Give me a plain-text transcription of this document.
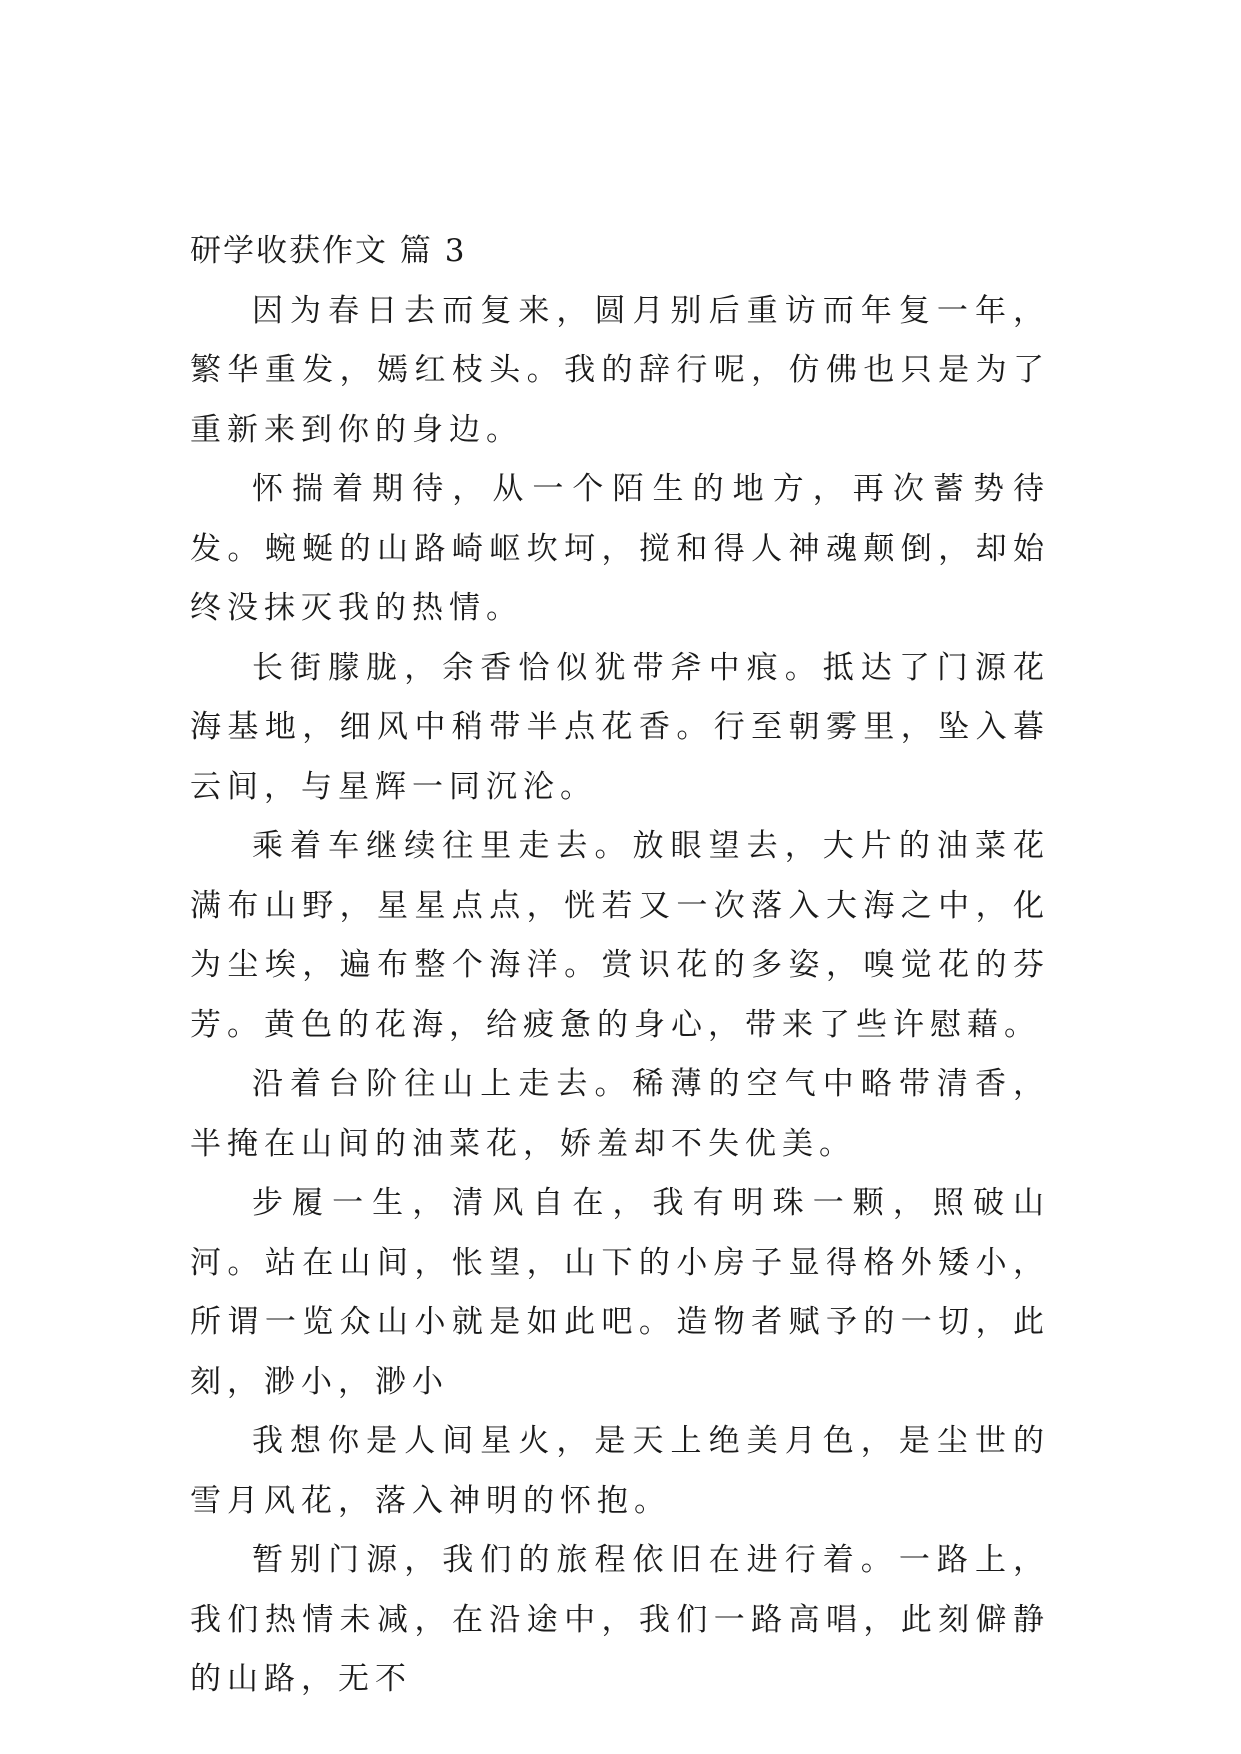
研学收获作文 篇 3

因为春日去而复来，圆月别后重访而年复一年，繁华重发，嫣红枝头。我的辞行呢，仿佛也只是为了重新来到你的身边。

怀揣着期待，从一个陌生的地方，再次蓄势待发。蜿蜒的山路崎岖坎坷，搅和得人神魂颠倒，却始终没抹灭我的热情。

长街朦胧，余香恰似犹带斧中痕。抵达了门源花海基地，细风中稍带半点花香。行至朝雾里，坠入暮云间，与星辉一同沉沦。

乘着车继续往里走去。放眼望去，大片的油菜花满布山野，星星点点，恍若又一次落入大海之中，化为尘埃，遍布整个海洋。赏识花的多姿，嗅觉花的芬芳。黄色的花海，给疲惫的身心，带来了些许慰藉。

沿着台阶往山上走去。稀薄的空气中略带清香，半掩在山间的油菜花，娇羞却不失优美。

步履一生，清风自在，我有明珠一颗，照破山河。站在山间，怅望，山下的小房子显得格外矮小，所谓一览众山小就是如此吧。造物者赋予的一切，此刻，渺小，渺小

我想你是人间星火，是天上绝美月色，是尘世的雪月风花，落入神明的怀抱。

暂别门源，我们的旅程依旧在进行着。一路上，我们热情未减，在沿途中，我们一路高唱，此刻僻静的山路，无不
